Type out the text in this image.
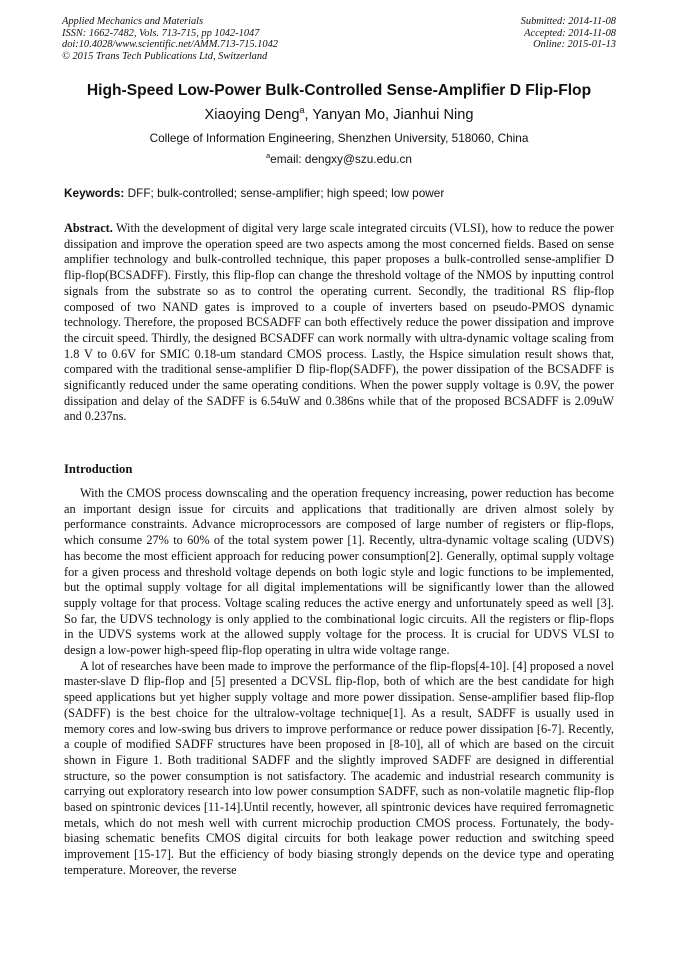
Applied Mechanics and Materials
ISSN: 1662-7482, Vols. 713-715, pp 1042-1047
doi:10.4028/www.scientific.net/AMM.713-715.1042
© 2015 Trans Tech Publications Ltd, Switzerland
Submitted: 2014-11-08
Accepted: 2014-11-08
Online: 2015-01-13
High-Speed Low-Power Bulk-Controlled Sense-Amplifier D Flip-Flop
Xiaoying Deng$^a$, Yanyan Mo, Jianhui Ning
College of Information Engineering, Shenzhen University, 518060, China
$^a$email: dengxy@szu.edu.cn
Keywords: DFF; bulk-controlled; sense-amplifier; high speed; low power
Abstract. With the development of digital very large scale integrated circuits (VLSI), how to reduce the power dissipation and improve the operation speed are two aspects among the most concerned fields. Based on sense amplifier technology and bulk-controlled technique, this paper proposes a bulk-controlled sense-amplifier D flip-flop(BCSADFF). Firstly, this flip-flop can change the threshold voltage of the NMOS by inputting control signals from the substrate so as to control the operating current. Secondly, the traditional RS flip-flop composed of two NAND gates is improved to a couple of inverters based on pseudo-PMOS dynamic technology. Therefore, the proposed BCSADFF can both effectively reduce the power dissipation and improve the circuit speed. Thirdly, the designed BCSADFF can work normally with ultra-dynamic voltage scaling from 1.8 V to 0.6V for SMIC 0.18-um standard CMOS process. Lastly, the Hspice simulation result shows that, compared with the traditional sense-amplifier D flip-flop(SADFF), the power dissipation of the BCSADFF is significantly reduced under the same operating conditions. When the power supply voltage is 0.9V, the power dissipation and delay of the SADFF is 6.54uW and 0.386ns while that of the proposed BCSADFF is 2.09uW and 0.237ns.
Introduction

With the CMOS process downscaling and the operation frequency increasing, power reduction has become an important design issue for circuits and applications that traditionally are driven almost solely by performance constraints. Advance microprocessors are composed of large number of registers or flip-flops, which consume 27% to 60% of the total system power [1]. Recently, ultra-dynamic voltage scaling (UDVS) has become the most efficient approach for reducing power consumption[2]. Generally, optimal supply voltage for a given process and threshold voltage depends on both logic style and logic functions to be implemented, but the optimal supply voltage for all digital implementations will be significantly lower than the allowed supply voltage for that process. Voltage scaling reduces the active energy and unfortunately speed as well [3]. So far, the UDVS technology is only applied to the combinational logic circuits. All the registers or flip-flops in the UDVS systems work at the allowed supply voltage for the process. It is crucial for UDVS VLSI to design a low-power high-speed flip-flop operating in ultra wide voltage range.

A lot of researches have been made to improve the performance of the flip-flops[4-10]. [4] proposed a novel master-slave D flip-flop and [5] presented a DCVSL flip-flop, both of which are the best candidate for high speed applications but yet higher supply voltage and more power dissipation. Sense-amplifier based flip-flop (SADFF) is the best choice for the ultralow-voltage technique[1]. As a result, SADFF is usually used in memory cores and low-swing bus drivers to improve performance or reduce power dissipation [6-7]. Recently, a couple of modified SADFF structures have been proposed in [8-10], all of which are based on the circuit shown in Figure 1. Both traditional SADFF and the slightly improved SADFF are designed in differential structure, so the power consumption is not satisfactory. The academic and industrial research community is carrying out exploratory research into low power consumption SADFF, such as non-volatile magnetic flip-flop based on spintronic devices [11-14].Until recently, however, all spintronic devices have required ferromagnetic metals, which do not mesh well with current microchip production CMOS process. Fortunately, the body-biasing schematic benefits CMOS digital circuits for both leakage power reduction and switching speed improvement [15-17]. But the efficiency of body biasing strongly depends on the device type and operating temperature. Moreover, the reverse
